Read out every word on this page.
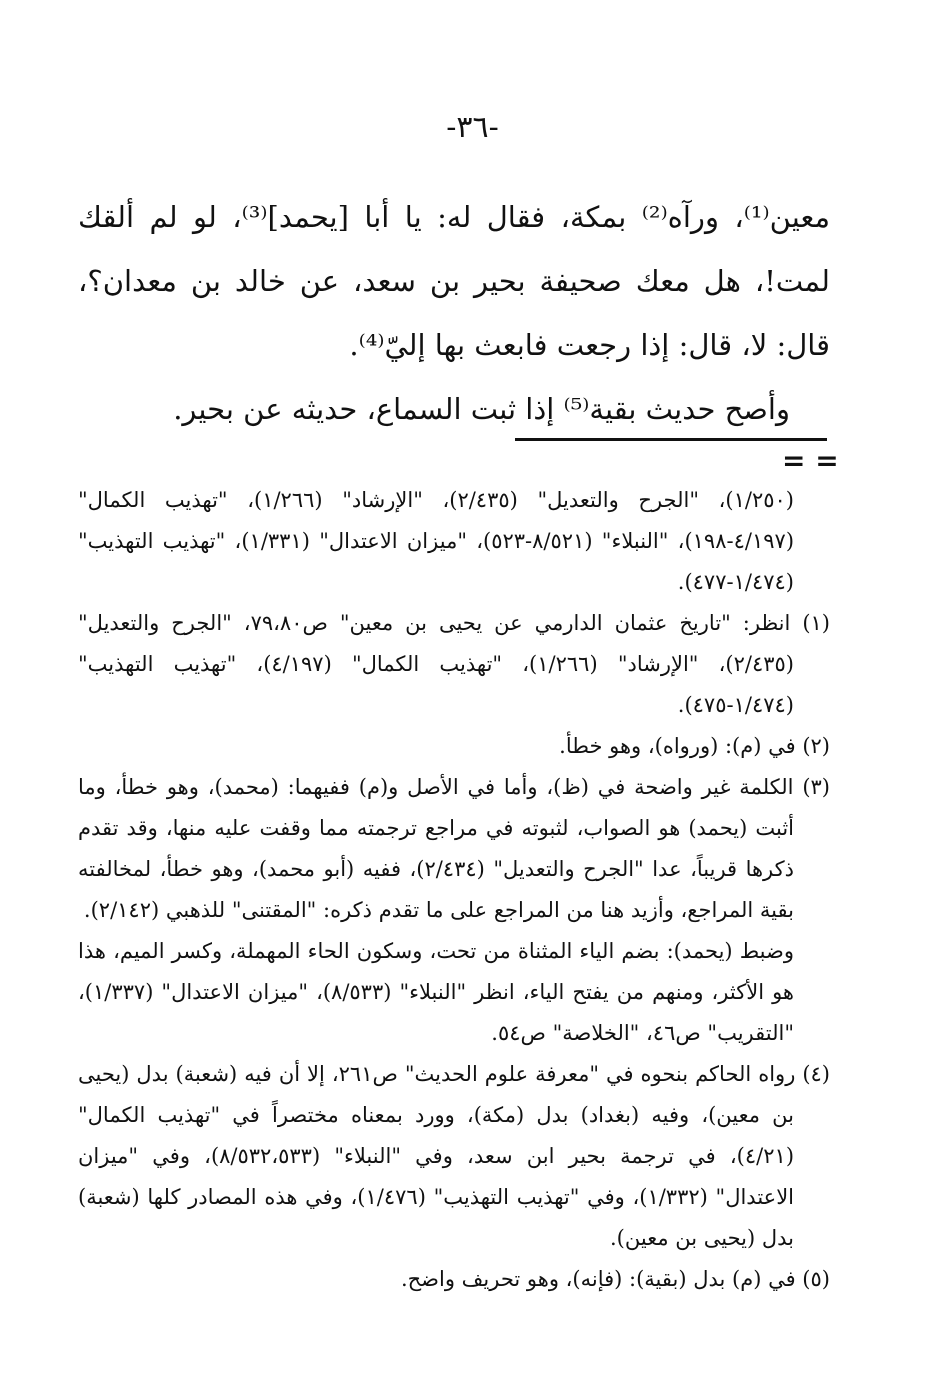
-٣٦-

معين⁽¹⁾، ورآه⁽²⁾ بمكة، فقال له: يا أبا [يحمد]⁽³⁾، لو لم ألقك لمت!، هل معك صحيفة بحير بن سعد، عن خالد بن معدان؟، قال: لا، قال: إذا رجعت فابعث بها إليّ⁽⁴⁾.

وأصح حديث بقية⁽⁵⁾ إذا ثبت السماع، حديثه عن بحير.

= =

(١/٢٥٠)، "الجرح والتعديل" (٢/٤٣٥)، "الإرشاد" (١/٢٦٦)، "تهذيب الكمال" (٤/١٩٧-١٩٨)، "النبلاء" (٨/٥٢١-٥٢٣)، "ميزان الاعتدال" (١/٣٣١)، "تهذيب التهذيب" (١/٤٧٤-٤٧٧).

(١) انظر: "تاريخ عثمان الدارمي عن يحيى بن معين" ص٧٩،٨٠، "الجرح والتعديل" (٢/٤٣٥)، "الإرشاد" (١/٢٦٦)، "تهذيب الكمال" (٤/١٩٧)، "تهذيب التهذيب" (١/٤٧٤-٤٧٥).

(٢) في (م): (ورواه)، وهو خطأ.

(٣) الكلمة غير واضحة في (ظ)، وأما في الأصل و(م) ففيهما: (محمد)، وهو خطأ، وما أثبت (يحمد) هو الصواب، لثبوته في مراجع ترجمته مما وقفت عليه منها، وقد تقدم ذكرها قريباً، عدا "الجرح والتعديل" (٢/٤٣٤)، ففيه (أبو محمد)، وهو خطأ، لمخالفته بقية المراجع، وأزيد هنا من المراجع على ما تقدم ذكره: "المقتنى" للذهبي (٢/١٤٢).

وضبط (يحمد): بضم الياء المثناة من تحت، وسكون الحاء المهملة، وكسر الميم، هذا هو الأكثر، ومنهم من يفتح الياء، انظر "النبلاء" (٨/٥٣٣)، "ميزان الاعتدال" (١/٣٣٧)، "التقريب" ص٤٦، "الخلاصة" ص٥٤.

(٤) رواه الحاكم بنحوه في "معرفة علوم الحديث" ص٢٦١، إلا أن فيه (شعبة) بدل (يحيى بن معين)، وفيه (بغداد) بدل (مكة)، وورد بمعناه مختصراً في "تهذيب الكمال" (٤/٢١)، في ترجمة بحير ابن سعد، وفي "النبلاء" (٨/٥٣٢،٥٣٣)، وفي "ميزان الاعتدال" (١/٣٣٢)، وفي "تهذيب التهذيب" (١/٤٧٦)، وفي هذه المصادر كلها (شعبة) بدل (يحيى بن معين).

(٥) في (م) بدل (بقية): (فإنه)، وهو تحريف واضح.
